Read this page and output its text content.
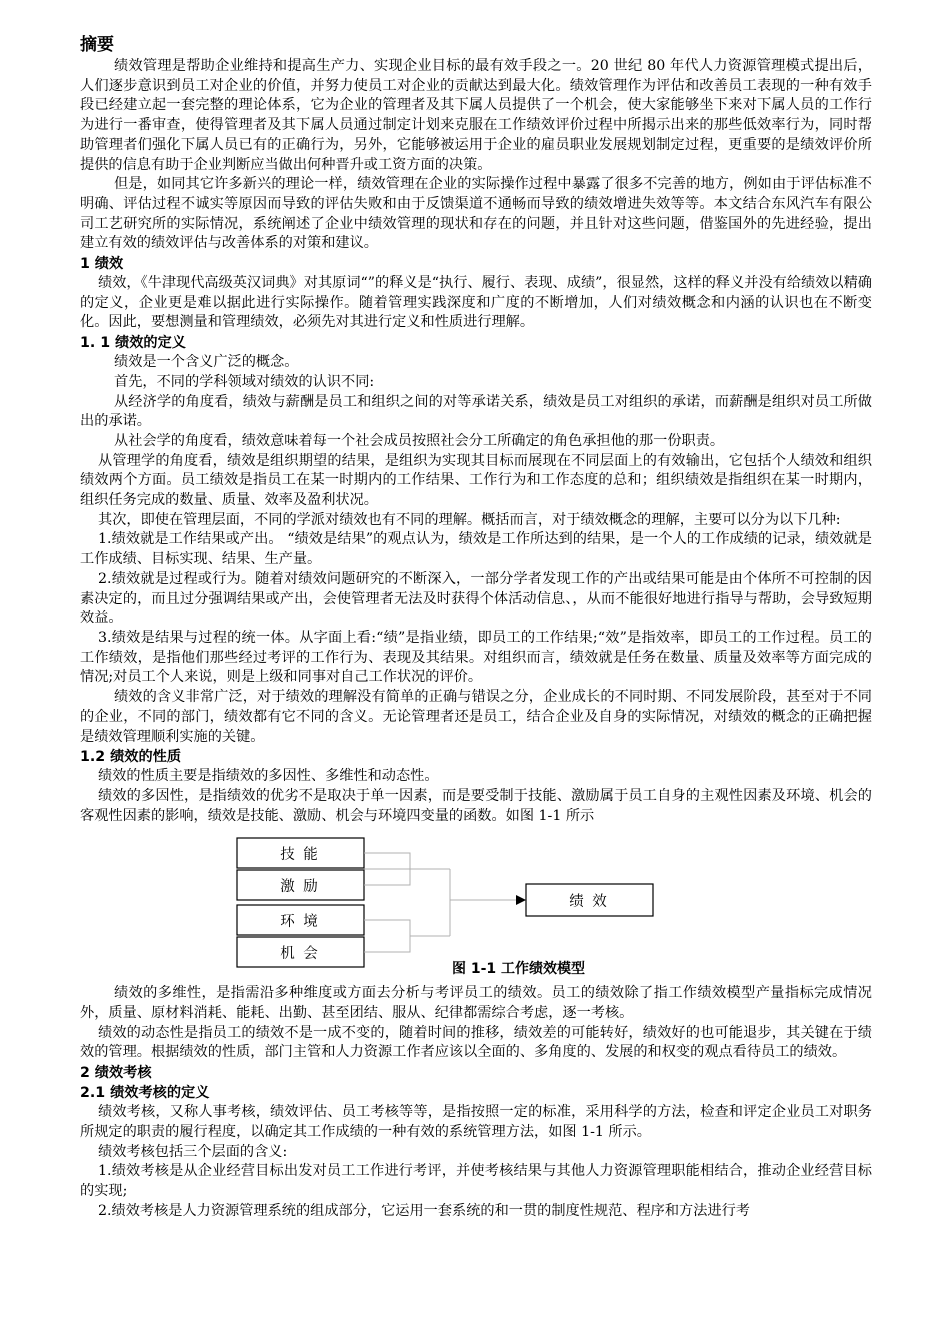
摘要

绩效管理是帮助企业维持和提高生产力、实现企业目标的最有效手段之一。20 世纪 80 年代人力资源管理模式提出后，人们逐步意识到员工对企业的价值，并努力使员工对企业的贡献达到最大化。绩效管理作为评估和改善员工表现的一种有效手段已经建立起一套完整的理论体系，它为企业的管理者及其下属人员提供了一个机会，使大家能够坐下来对下属人员的工作行为进行一番审查，使得管理者及其下属人员通过制定计划来克服在工作绩效评价过程中所揭示出来的那些低效率行为，同时帮助管理者们强化下属人员已有的正确行为，另外，它能够被运用于企业的雇员职业发展规划制定过程，更重要的是绩效评价所提供的信息有助于企业判断应当做出何种晋升或工资方面的决策。

但是，如同其它许多新兴的理论一样，绩效管理在企业的实际操作过程中暴露了很多不完善的地方，例如由于评估标准不明确、评估过程不诚实等原因而导致的评估失败和由于反馈渠道不通畅而导致的绩效增进失效等等。本文结合东风汽车有限公司工艺研究所的实际情况，系统阐述了企业中绩效管理的现状和存在的问题，并且针对这些问题，借鉴国外的先进经验，提出建立有效的绩效评估与改善体系的对策和建议。

1 绩效

绩效，《牛津现代高级英汉词典》对其原词“”的释义是“执行、履行、表现、成绩”，很显然，这样的释义并没有给绩效以精确的定义，企业更是难以据此进行实际操作。随着管理实践深度和广度的不断增加，人们对绩效概念和内涵的认识也在不断变化。因此，要想测量和管理绩效，必须先对其进行定义和性质进行理解。

1. 1 绩效的定义

绩效是一个含义广泛的概念。

首先，不同的学科领域对绩效的认识不同:

从经济学的角度看，绩效与薪酬是员工和组织之间的对等承诺关系，绩效是员工对组织的承诺，而薪酬是组织对员工所做出的承诺。

从社会学的角度看，绩效意味着每一个社会成员按照社会分工所确定的角色承担他的那一份职责。

从管理学的角度看，绩效是组织期望的结果，是组织为实现其目标而展现在不同层面上的有效输出，它包括个人绩效和组织绩效两个方面。员工绩效是指员工在某一时期内的工作结果、工作行为和工作态度的总和；组织绩效是指组织在某一时期内，组织任务完成的数量、质量、效率及盈利状况。

其次，即使在管理层面，不同的学派对绩效也有不同的理解。概括而言，对于绩效概念的理解，主要可以分为以下几种:

1.绩效就是工作结果或产出。 “绩效是结果”的观点认为，绩效是工作所达到的结果，是一个人的工作成绩的记录，绩效就是工作成绩、目标实现、结果、生产量。

2.绩效就是过程或行为。随着对绩效问题研究的不断深入，一部分学者发现工作的产出或结果可能是由个体所不可控制的因素决定的，而且过分强调结果或产出，会使管理者无法及时获得个体活动信息、，从而不能很好地进行指导与帮助，会导致短期效益。

3.绩效是结果与过程的统一体。从字面上看:“绩”是指业绩，即员工的工作结果;“效”是指效率，即员工的工作过程。员工的工作绩效，是指他们那些经过考评的工作行为、表现及其结果。对组织而言，绩效就是任务在数量、质量及效率等方面完成的情况;对员工个人来说，则是上级和同事对自己工作状况的评价。

绩效的含义非常广泛，对于绩效的理解没有简单的正确与错误之分，企业成长的不同时期、不同发展阶段，甚至对于不同的企业，不同的部门，绩效都有它不同的含义。无论管理者还是员工，结合企业及自身的实际情况，对绩效的概念的正确把握是绩效管理顺利实施的关键。

1.2 绩效的性质

绩效的性质主要是指绩效的多因性、多维性和动态性。

绩效的多因性，是指绩效的优劣不是取决于单一因素，而是要受制于技能、激励属于员工自身的主观性因素及环境、机会的客观性因素的影响，绩效是技能、激励、机会与环境四变量的函数。如图 1-1 所示

技 能
激 励
环 境
机 会
绩 效
图 1-1 工作绩效模型

绩效的多维性，是指需沿多种维度或方面去分析与考评员工的绩效。员工的绩效除了指工作绩效模型产量指标完成情况外，质量、原材料消耗、能耗、出勤、甚至团结、服从、纪律都需综合考虑，逐一考核。

绩效的动态性是指员工的绩效不是一成不变的，随着时间的推移，绩效差的可能转好，绩效好的也可能退步，其关键在于绩效的管理。根据绩效的性质，部门主管和人力资源工作者应该以全面的、多角度的、发展的和权变的观点看待员工的绩效。

2 绩效考核
2.1 绩效考核的定义

绩效考核，又称人事考核，绩效评估、员工考核等等，是指按照一定的标准，采用科学的方法，检查和评定企业员工对职务所规定的职责的履行程度，以确定其工作成绩的一种有效的系统管理方法，如图 1-1 所示。

绩效考核包括三个层面的含义:

1.绩效考核是从企业经营目标出发对员工工作进行考评，并使考核结果与其他人力资源管理职能相结合，推动企业经营目标的实现;

2.绩效考核是人力资源管理系统的组成部分，它运用一套系统的和一贯的制度性规范、程序和方法进行考
